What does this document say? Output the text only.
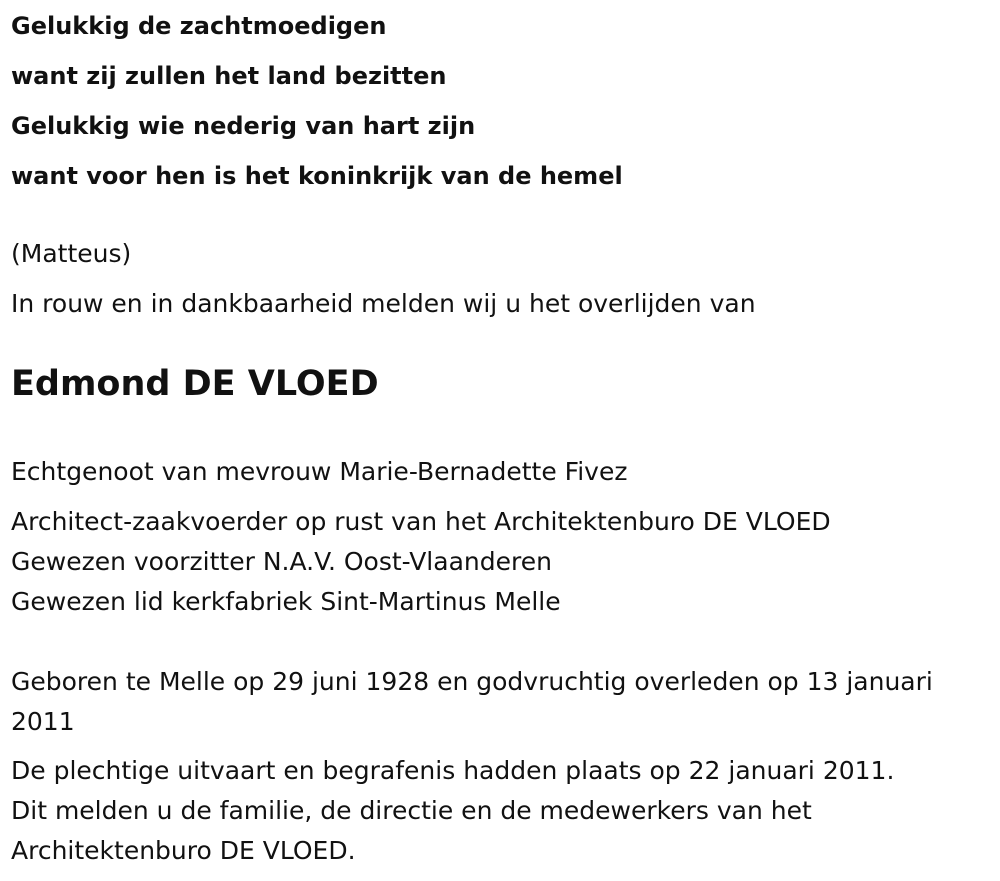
Gelukkig de zachtmoedigen
want zij zullen het land bezitten
Gelukkig wie nederig van hart zijn
want voor hen is het koninkrijk van de hemel
(Matteus)
In rouw en in dankbaarheid melden wij u het overlijden van
Edmond DE VLOED
Echtgenoot van mevrouw Marie-Bernadette Fivez
Architect-zaakvoerder op rust van het Architektenburo DE VLOED
Gewezen voorzitter N.A.V. Oost-Vlaanderen
Gewezen lid kerkfabriek Sint-Martinus Melle
Geboren te Melle op 29 juni 1928 en godvruchtig overleden op 13 januari 2011
De plechtige uitvaart en begrafenis hadden plaats op 22 januari 2011.
Dit melden u de familie, de directie en de medewerkers van het Architektenburo DE VLOED.
